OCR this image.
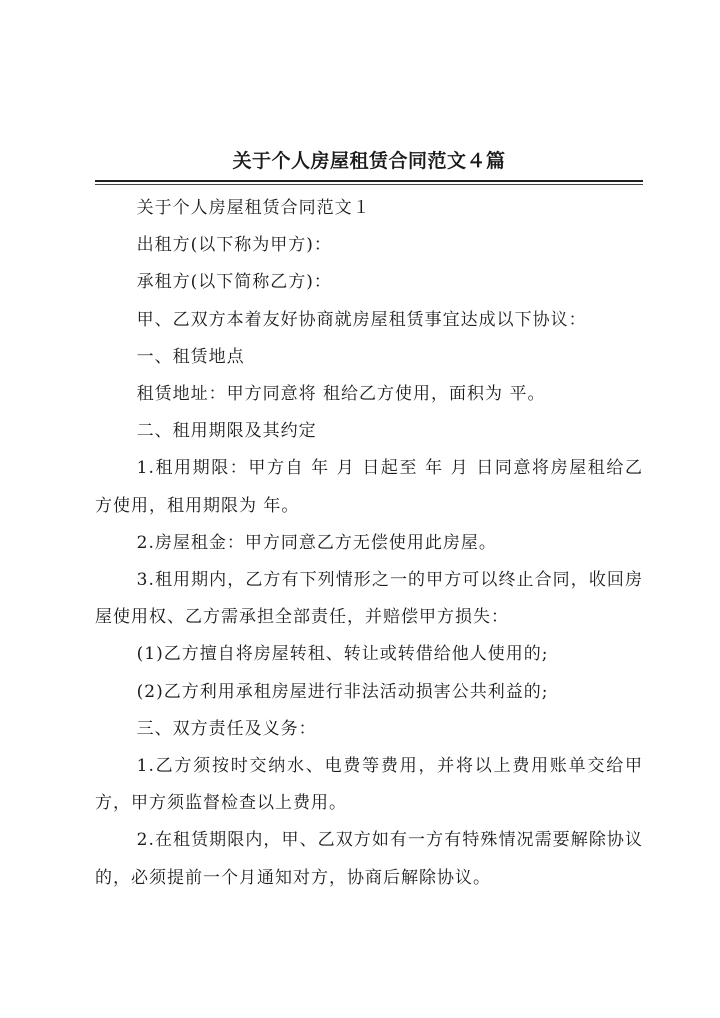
关于个人房屋租赁合同范文４篇

关于个人房屋租赁合同范文１

出租方(以下称为甲方)：

承租方(以下简称乙方)：

甲、乙双方本着友好协商就房屋租赁事宜达成以下协议：

一、租赁地点

租赁地址：甲方同意将 租给乙方使用，面积为 平。

二、租用期限及其约定

1.租用期限：甲方自 年 月 日起至 年 月 日同意将房屋租给乙方使用，租用期限为 年。

2.房屋租金：甲方同意乙方无偿使用此房屋。

3.租用期内，乙方有下列情形之一的甲方可以终止合同，收回房屋使用权、乙方需承担全部责任，并赔偿甲方损失：

(1)乙方擅自将房屋转租、转让或转借给他人使用的;

(2)乙方利用承租房屋进行非法活动损害公共利益的;

三、双方责任及义务：

1.乙方须按时交纳水、电费等费用，并将以上费用账单交给甲方，甲方须监督检查以上费用。

2.在租赁期限内，甲、乙双方如有一方有特殊情况需要解除协议的，必须提前一个月通知对方，协商后解除协议。
